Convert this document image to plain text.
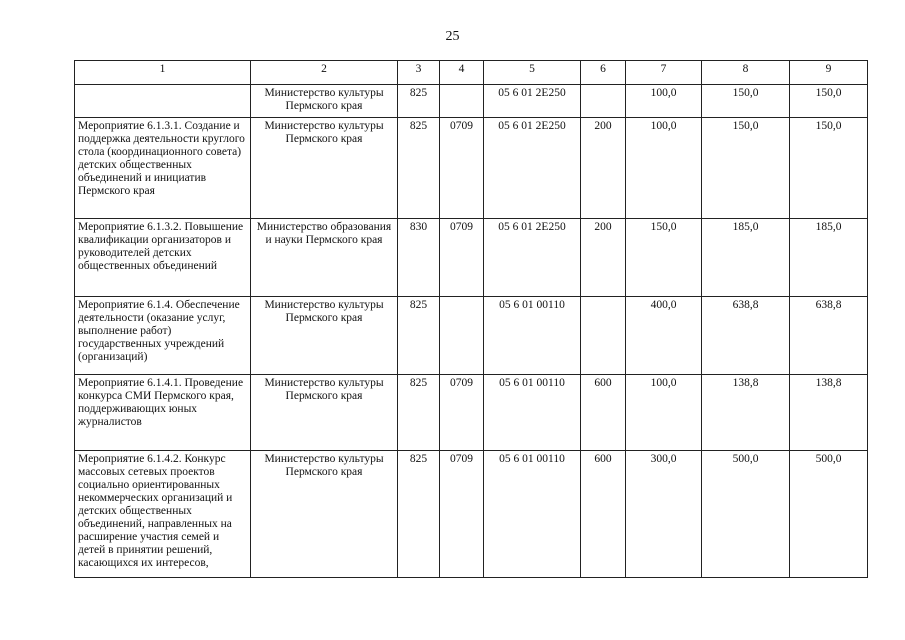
25
1	2	3	4	5	6	7	8	9
	Министерство культуры Пермского края	825		05 6 01 2Е250		100,0	150,0	150,0
Мероприятие 6.1.3.1. Создание и поддержка деятельности круглого стола (координационного совета) детских общественных объединений и инициатив Пермского края	Министерство культуры Пермского края	825	0709	05 6 01 2Е250	200	100,0	150,0	150,0
Мероприятие 6.1.3.2. Повышение квалификации организаторов и руководителей детских общественных объединений	Министерство образования и науки Пермского края	830	0709	05 6 01 2Е250	200	150,0	185,0	185,0
Мероприятие 6.1.4. Обеспечение деятельности (оказание услуг, выполнение работ) государственных учреждений (организаций)	Министерство культуры Пермского края	825		05 6 01 00110		400,0	638,8	638,8
Мероприятие 6.1.4.1. Проведение конкурса СМИ Пермского края, поддерживающих юных журналистов	Министерство культуры Пермского края	825	0709	05 6 01 00110	600	100,0	138,8	138,8
Мероприятие 6.1.4.2. Конкурс массовых сетевых проектов социально ориентированных некоммерческих организаций и детских общественных объединений, направленных на расширение участия семей и детей в принятии решений, касающихся их интересов,	Министерство культуры Пермского края	825	0709	05 6 01 00110	600	300,0	500,0	500,0
